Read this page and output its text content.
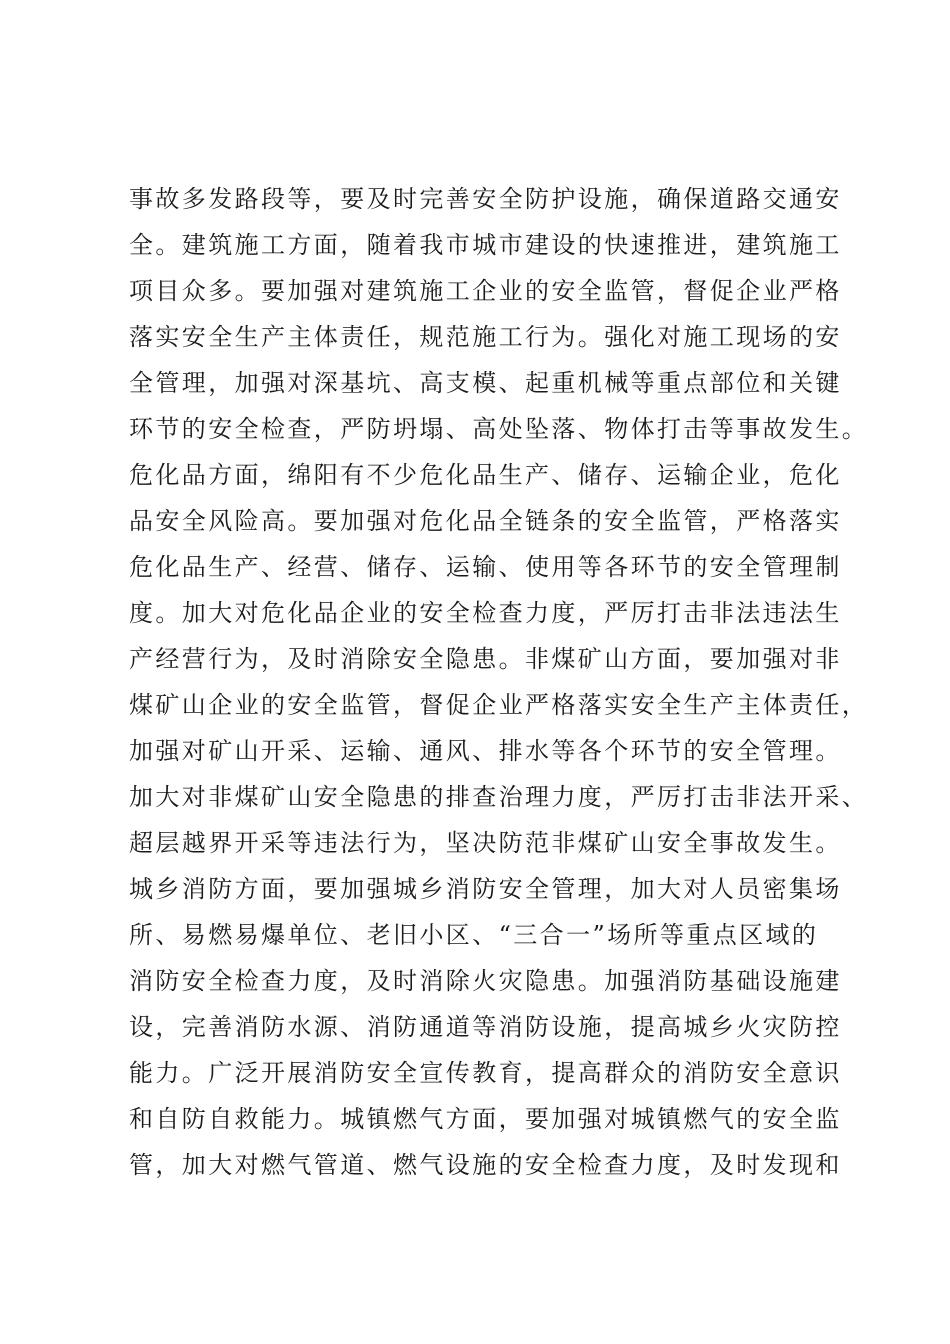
事故多发路段等，要及时完善安全防护设施，确保道路交通安
全。建筑施工方面，随着我市城市建设的快速推进，建筑施工
项目众多。要加强对建筑施工企业的安全监管，督促企业严格
落实安全生产主体责任，规范施工行为。强化对施工现场的安
全管理，加强对深基坑、高支模、起重机械等重点部位和关键
环节的安全检查，严防坍塌、高处坠落、物体打击等事故发生。
危化品方面，绵阳有不少危化品生产、储存、运输企业，危化
品安全风险高。要加强对危化品全链条的安全监管，严格落实
危化品生产、经营、储存、运输、使用等各环节的安全管理制
度。加大对危化品企业的安全检查力度，严厉打击非法违法生
产经营行为，及时消除安全隐患。非煤矿山方面，要加强对非
煤矿山企业的安全监管，督促企业严格落实安全生产主体责任，
加强对矿山开采、运输、通风、排水等各个环节的安全管理。
加大对非煤矿山安全隐患的排查治理力度，严厉打击非法开采、
超层越界开采等违法行为，坚决防范非煤矿山安全事故发生。
城乡消防方面，要加强城乡消防安全管理，加大对人员密集场
所、易燃易爆单位、老旧小区、“三合一”场所等重点区域的
消防安全检查力度，及时消除火灾隐患。加强消防基础设施建
设，完善消防水源、消防通道等消防设施，提高城乡火灾防控
能力。广泛开展消防安全宣传教育，提高群众的消防安全意识
和自防自救能力。城镇燃气方面，要加强对城镇燃气的安全监
管，加大对燃气管道、燃气设施的安全检查力度，及时发现和
